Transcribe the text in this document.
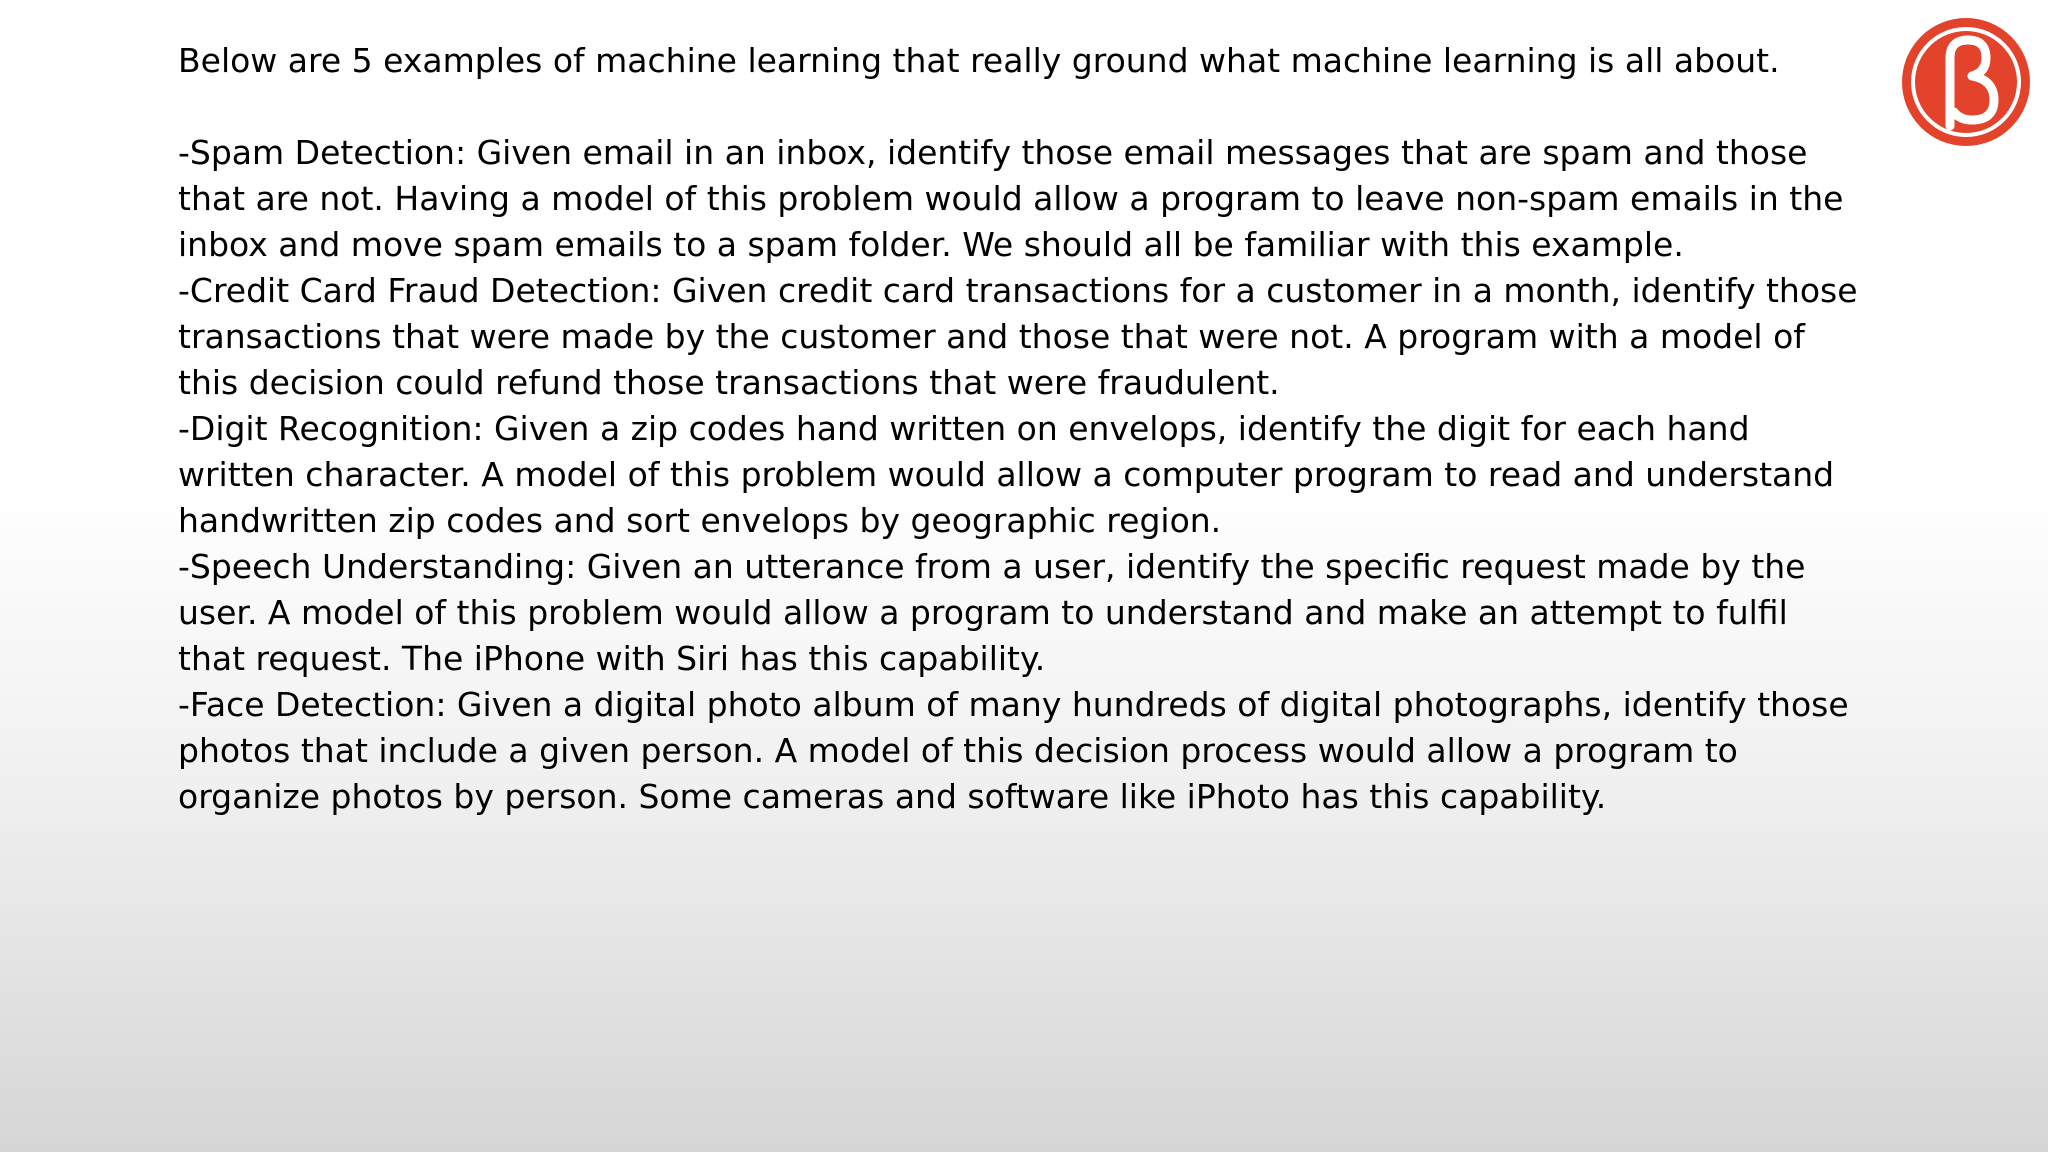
Below are 5 examples of machine learning that really ground what machine learning is all about.

-Spam Detection: Given email in an inbox, identify those email messages that are spam and those
that are not. Having a model of this problem would allow a program to leave non-spam emails in the
inbox and move spam emails to a spam folder. We should all be familiar with this example.
-Credit Card Fraud Detection: Given credit card transactions for a customer in a month, identify those
transactions that were made by the customer and those that were not. A program with a model of
this decision could refund those transactions that were fraudulent.
-Digit Recognition: Given a zip codes hand written on envelops, identify the digit for each hand
written character. A model of this problem would allow a computer program to read and understand
handwritten zip codes and sort envelops by geographic region.
-Speech Understanding: Given an utterance from a user, identify the specific request made by the
user. A model of this problem would allow a program to understand and make an attempt to fulfil
that request. The iPhone with Siri has this capability.
-Face Detection: Given a digital photo album of many hundreds of digital photographs, identify those
photos that include a given person. A model of this decision process would allow a program to
organize photos by person. Some cameras and software like iPhoto has this capability.
